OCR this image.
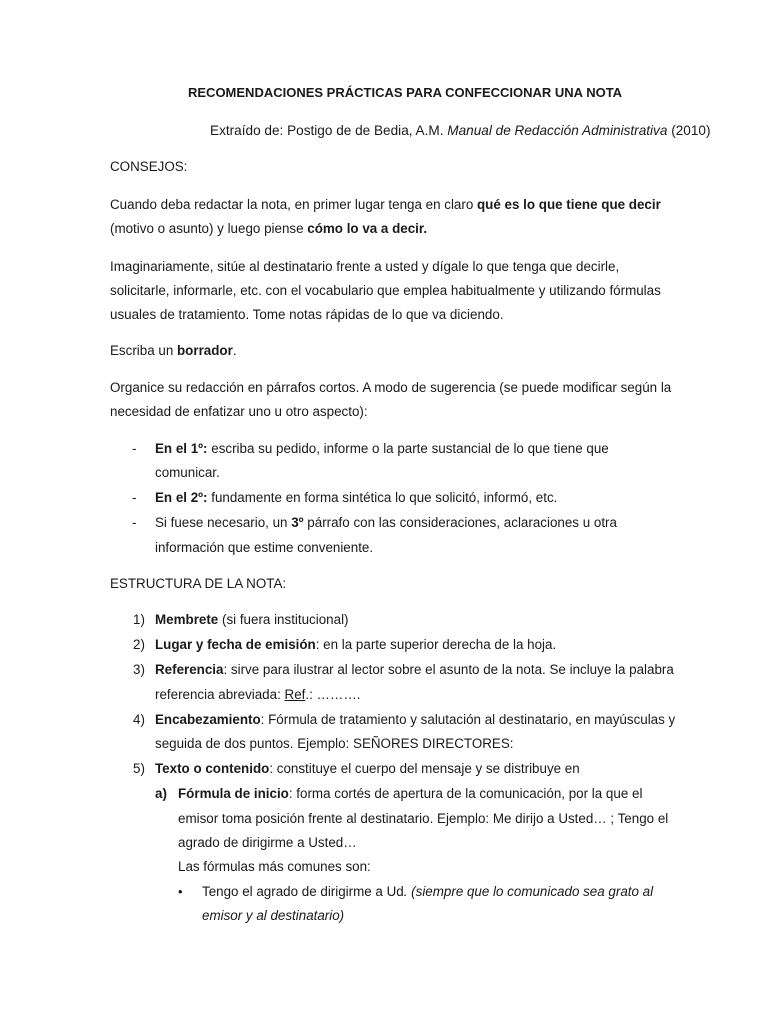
RECOMENDACIONES PRÁCTICAS PARA CONFECCIONAR UNA NOTA
Extraído de: Postigo de de Bedia, A.M. Manual de Redacción Administrativa (2010)
CONSEJOS:
Cuando deba redactar la nota, en primer lugar tenga en claro qué es lo que tiene que decir
(motivo o asunto) y luego piense cómo lo va a decir.
Imaginariamente, sitúe al destinatario frente a usted y dígale lo que tenga que decirle,
solicitarle, informarle, etc. con el vocabulario que emplea habitualmente y utilizando fórmulas
usuales de tratamiento. Tome notas rápidas de lo que va diciendo.
Escriba un borrador.
Organice su redacción en párrafos cortos. A modo de sugerencia (se puede modificar según la
necesidad de enfatizar uno u otro aspecto):
- En el 1º: escriba su pedido, informe o la parte sustancial de lo que tiene que
comunicar.
- En el 2º: fundamente en forma sintética lo que solicitó, informó, etc.
- Si fuese necesario, un 3º párrafo con las consideraciones, aclaraciones u otra
información que estime conveniente.
ESTRUCTURA DE LA NOTA:
1) Membrete (si fuera institucional)
2) Lugar y fecha de emisión: en la parte superior derecha de la hoja.
3) Referencia: sirve para ilustrar al lector sobre el asunto de la nota. Se incluye la palabra
referencia abreviada: Ref.: ……….
4) Encabezamiento: Fórmula de tratamiento y salutación al destinatario, en mayúsculas y
seguida de dos puntos. Ejemplo: SEÑORES DIRECTORES:
5) Texto o contenido: constituye el cuerpo del mensaje y se distribuye en
a) Fórmula de inicio: forma cortés de apertura de la comunicación, por la que el
emisor toma posición frente al destinatario. Ejemplo: Me dirijo a Usted… ; Tengo el
agrado de dirigirme a Usted…
Las fórmulas más comunes son:
• Tengo el agrado de dirigirme a Ud. (siempre que lo comunicado sea grato al
emisor y al destinatario)
